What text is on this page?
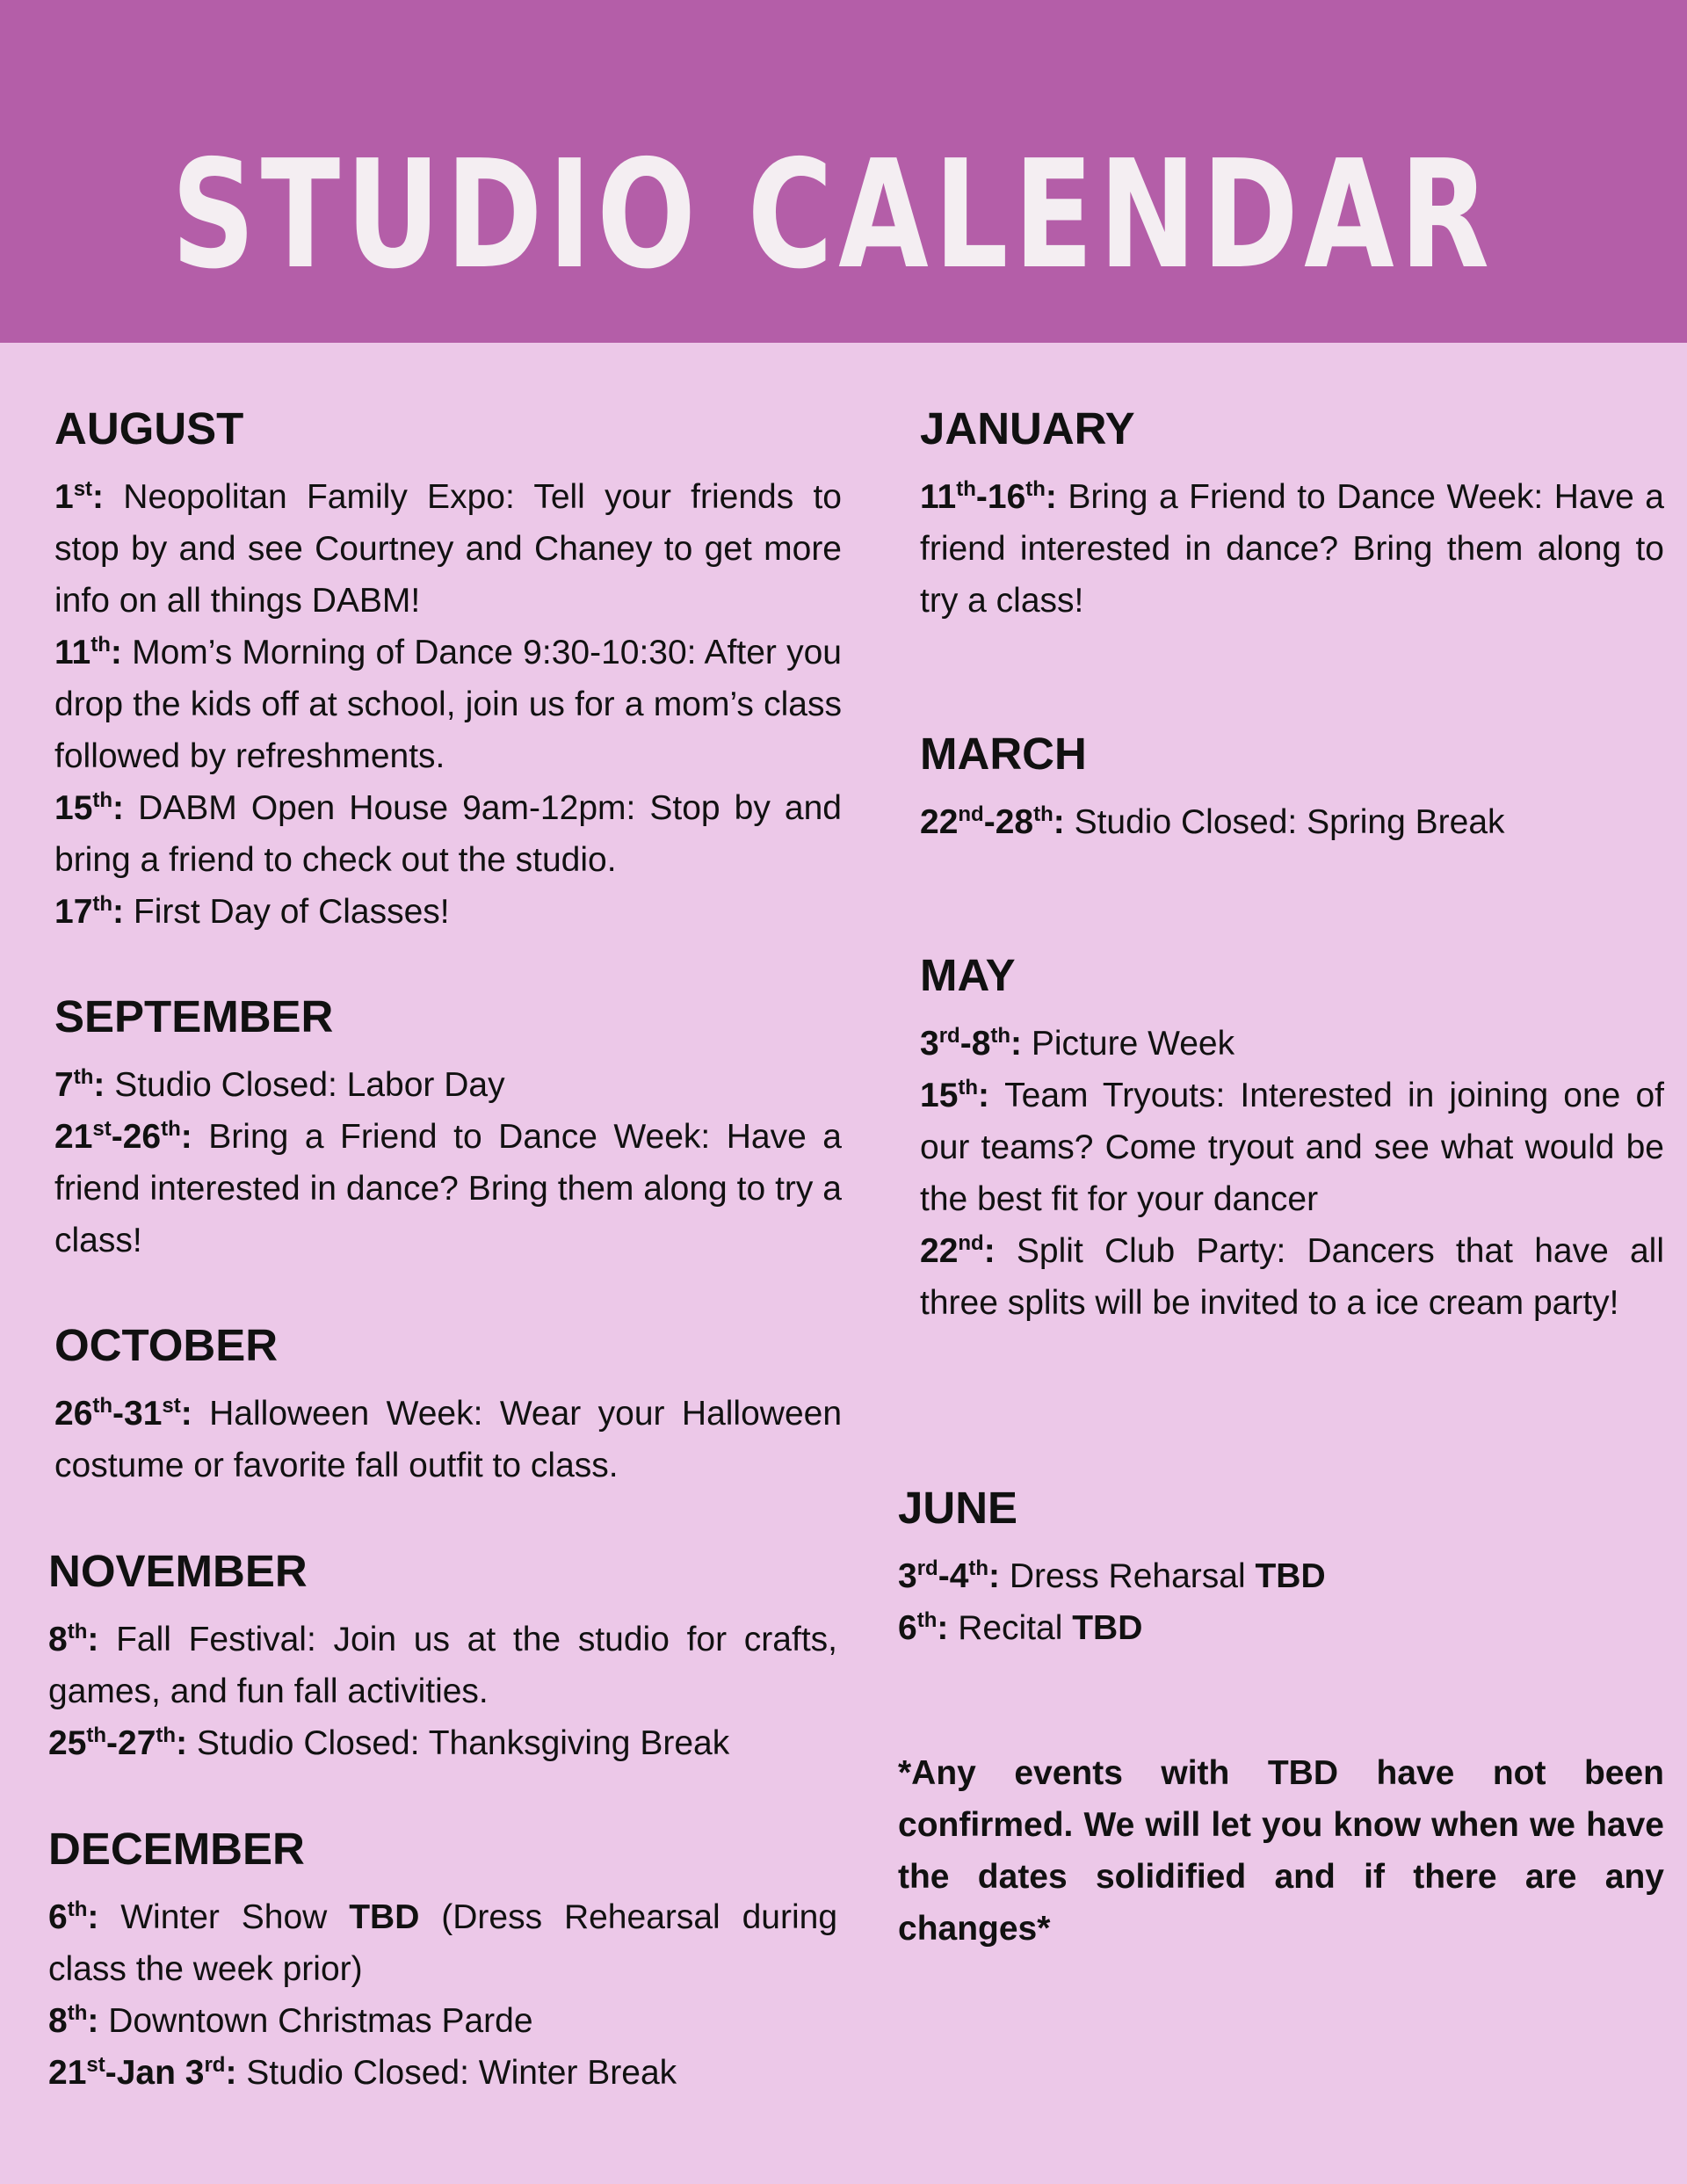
STUDIO CALENDAR
AUGUST

1st: Neopolitan Family Expo: Tell your friends to stop by and see Courtney and Chaney to get more info on all things DABM!

11th: Mom’s Morning of Dance 9:30-10:30: After you drop the kids off at school, join us for a mom’s class followed by refreshments.

15th: DABM Open House 9am-12pm: Stop by and bring a friend to check out the studio.

17th: First Day of Classes!

SEPTEMBER

7th: Studio Closed: Labor Day

21st-26th: Bring a Friend to Dance Week: Have a friend interested in dance? Bring them along to try a class!

OCTOBER

26th-31st: Halloween Week: Wear your Halloween costume or favorite fall outfit to class.

NOVEMBER

8th: Fall Festival: Join us at the studio for crafts, games, and fun fall activities.

25th-27th: Studio Closed: Thanksgiving Break

DECEMBER

6th: Winter Show TBD (Dress Rehearsal during class the week prior)

8th: Downtown Christmas Parde

21st-Jan 3rd: Studio Closed: Winter Break

JANUARY

11th-16th: Bring a Friend to Dance Week: Have a friend interested in dance? Bring them along to try a class!

MARCH

22nd-28th: Studio Closed: Spring Break

MAY

3rd-8th: Picture Week

15th: Team Tryouts: Interested in joining one of our teams? Come tryout and see what would be the best fit for your dancer

22nd: Split Club Party: Dancers that have all three splits will be invited to a ice cream party!

JUNE

3rd-4th: Dress Reharsal TBD

6th: Recital TBD

*Any events with TBD have not been confirmed. We will let you know when we have the dates solidified and if there are any changes*
